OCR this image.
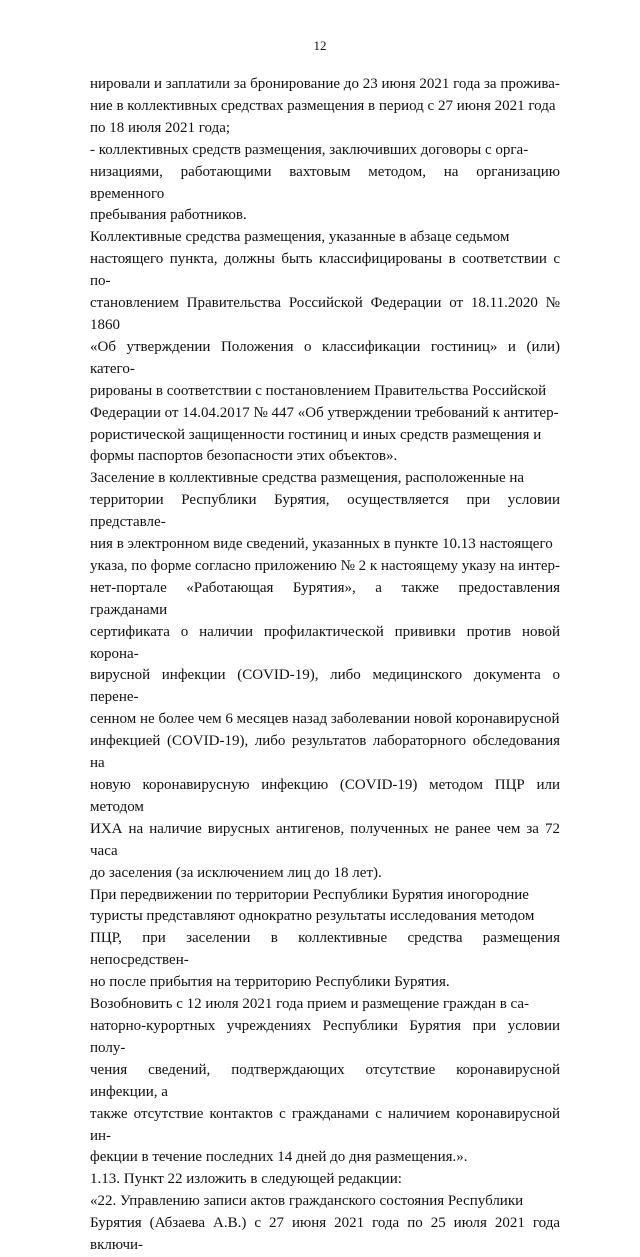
12

нировали и заплатили за бронирование до 23 июня 2021 года за прожива-
ние в коллективных средствах размещения в период с 27 июня 2021 года
по 18 июля 2021 года;

- коллективных средств размещения, заключивших договоры с орга-
низациями, работающими вахтовым методом, на организацию временного
пребывания работников.

Коллективные средства размещения, указанные в абзаце седьмом
настоящего пункта, должны быть классифицированы в соответствии с по-
становлением Правительства Российской Федерации от 18.11.2020 № 1860
«Об утверждении Положения о классификации гостиниц» и (или) катего-
рированы в соответствии с постановлением Правительства Российской
Федерации от 14.04.2017 № 447 «Об утверждении требований к антитер-
рористической защищенности гостиниц и иных средств размещения и
формы паспортов безопасности этих объектов».

Заселение в коллективные средства размещения, расположенные на
территории Республики Бурятия, осуществляется при условии представле-
ния в электронном виде сведений, указанных в пункте 10.13 настоящего
указа, по форме согласно приложению № 2 к настоящему указу на интер-
нет-портале «Работающая Бурятия», а также предоставления гражданами
сертификата о наличии профилактической прививки против новой корона-
вирусной инфекции (COVID-19), либо медицинского документа о перене-
сенном не более чем 6 месяцев назад заболевании новой коронавирусной
инфекцией (COVID-19), либо результатов лабораторного обследования на
новую коронавирусную инфекцию (COVID-19) методом ПЦР или методом
ИХА на наличие вирусных антигенов, полученных не ранее чем за 72 часа
до заселения (за исключением лиц до 18 лет).

При передвижении по территории Республики Бурятия иногородние
туристы представляют однократно результаты исследования методом
ПЦР, при заселении в коллективные средства размещения непосредствен-
но после прибытия на территорию Республики Бурятия.

Возобновить с 12 июля 2021 года прием и размещение граждан в са-
наторно-курортных учреждениях Республики Бурятия при условии полу-
чения сведений, подтверждающих отсутствие коронавирусной инфекции, а
также отсутствие контактов с гражданами с наличием коронавирусной ин-
фекции в течение последних 14 дней до дня размещения.».

1.13. Пункт 22 изложить в следующей редакции:

«22. Управлению записи актов гражданского состояния Республики
Бурятия (Абзаева А.В.) с 27 июня 2021 года по 25 июля 2021 года включи-
